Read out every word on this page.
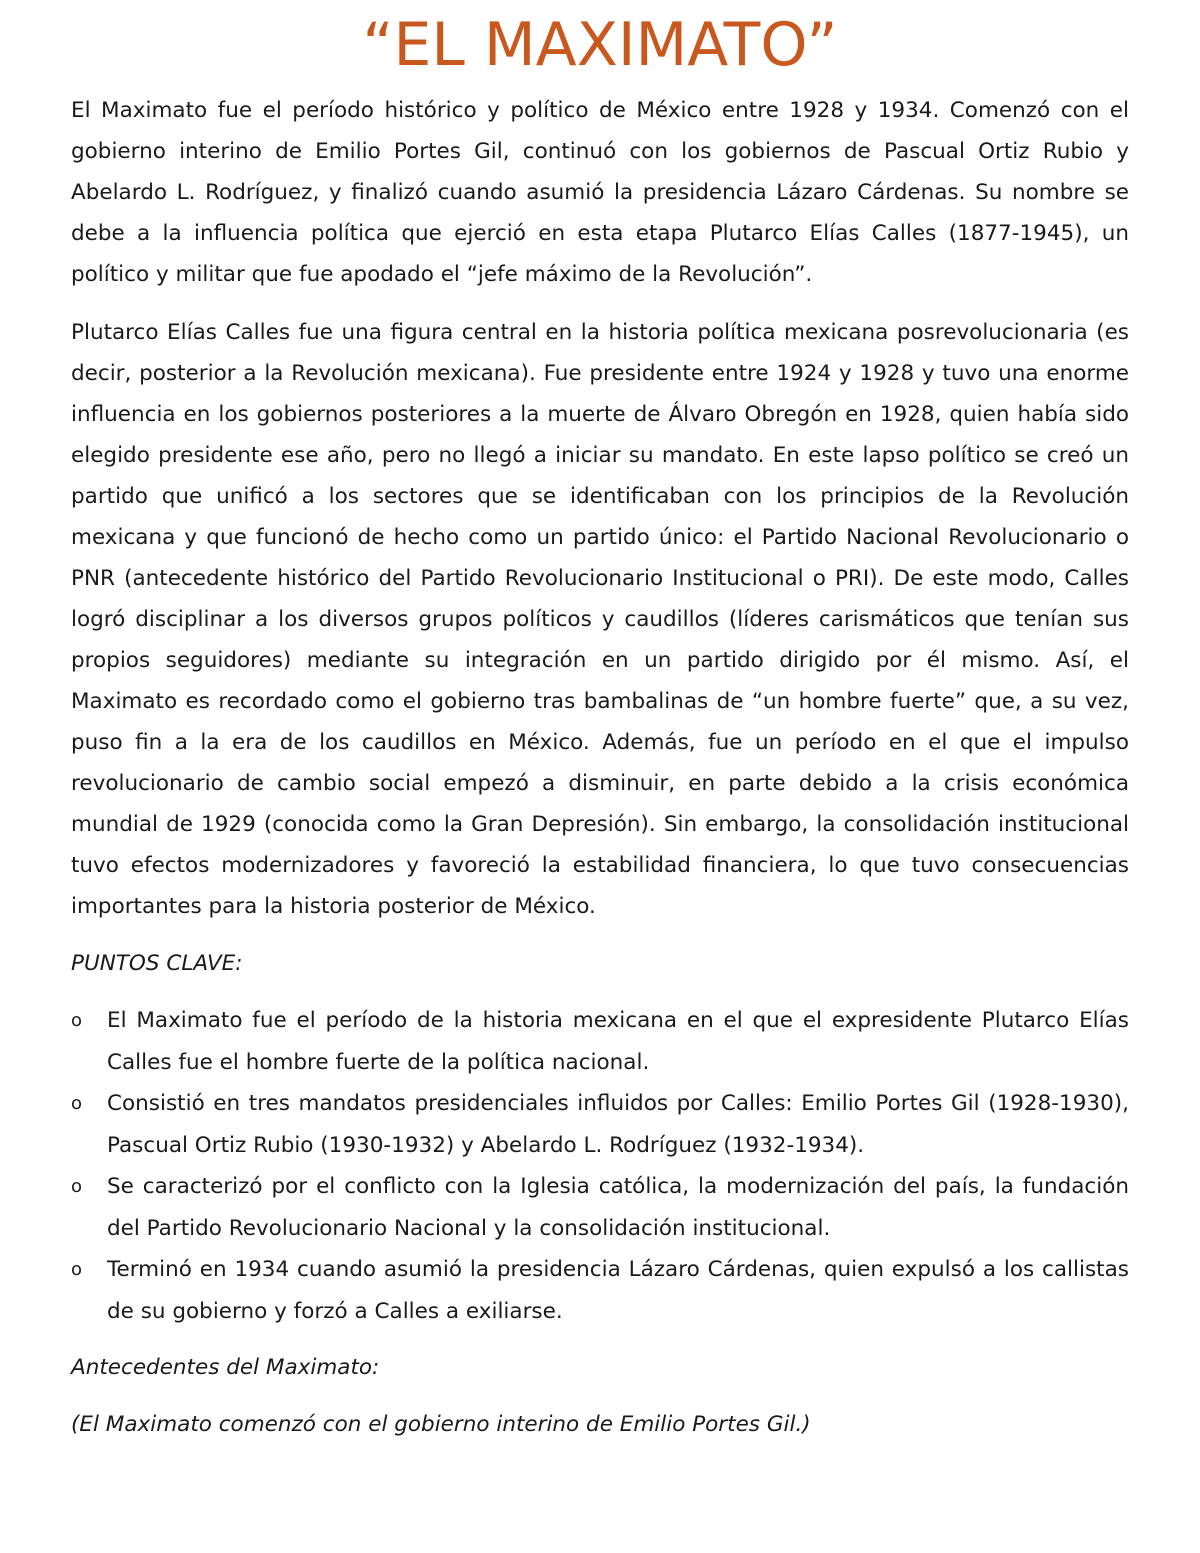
“EL MAXIMATO”

El Maximato fue el período histórico y político de México entre 1928 y 1934. Comenzó con el gobierno interino de Emilio Portes Gil, continuó con los gobiernos de Pascual Ortiz Rubio y Abelardo L. Rodríguez, y finalizó cuando asumió la presidencia Lázaro Cárdenas. Su nombre se debe a la influencia política que ejerció en esta etapa Plutarco Elías Calles (1877-1945), un político y militar que fue apodado el “jefe máximo de la Revolución”.

Plutarco Elías Calles fue una figura central en la historia política mexicana posrevolucionaria (es decir, posterior a la Revolución mexicana). Fue presidente entre 1924 y 1928 y tuvo una enorme influencia en los gobiernos posteriores a la muerte de Álvaro Obregón en 1928, quien había sido elegido presidente ese año, pero no llegó a iniciar su mandato. En este lapso político se creó un partido que unificó a los sectores que se identificaban con los principios de la Revolución mexicana y que funcionó de hecho como un partido único: el Partido Nacional Revolucionario o PNR (antecedente histórico del Partido Revolucionario Institucional o PRI). De este modo, Calles logró disciplinar a los diversos grupos políticos y caudillos (líderes carismáticos que tenían sus propios seguidores) mediante su integración en un partido dirigido por él mismo. Así, el Maximato es recordado como el gobierno tras bambalinas de “un hombre fuerte” que, a su vez, puso fin a la era de los caudillos en México. Además, fue un período en el que el impulso revolucionario de cambio social empezó a disminuir, en parte debido a la crisis económica mundial de 1929 (conocida como la Gran Depresión). Sin embargo, la consolidación institucional tuvo efectos modernizadores y favoreció la estabilidad financiera, lo que tuvo consecuencias importantes para la historia posterior de México.

PUNTOS CLAVE:

o	El Maximato fue el período de la historia mexicana en el que el expresidente Plutarco Elías Calles fue el hombre fuerte de la política nacional.
o	Consistió en tres mandatos presidenciales influidos por Calles: Emilio Portes Gil (1928-1930), Pascual Ortiz Rubio (1930-1932) y Abelardo L. Rodríguez (1932-1934).
o	Se caracterizó por el conflicto con la Iglesia católica, la modernización del país, la fundación del Partido Revolucionario Nacional y la consolidación institucional.
o	Terminó en 1934 cuando asumió la presidencia Lázaro Cárdenas, quien expulsó a los callistas de su gobierno y forzó a Calles a exiliarse.

Antecedentes del Maximato:

(El Maximato comenzó con el gobierno interino de Emilio Portes Gil.)
